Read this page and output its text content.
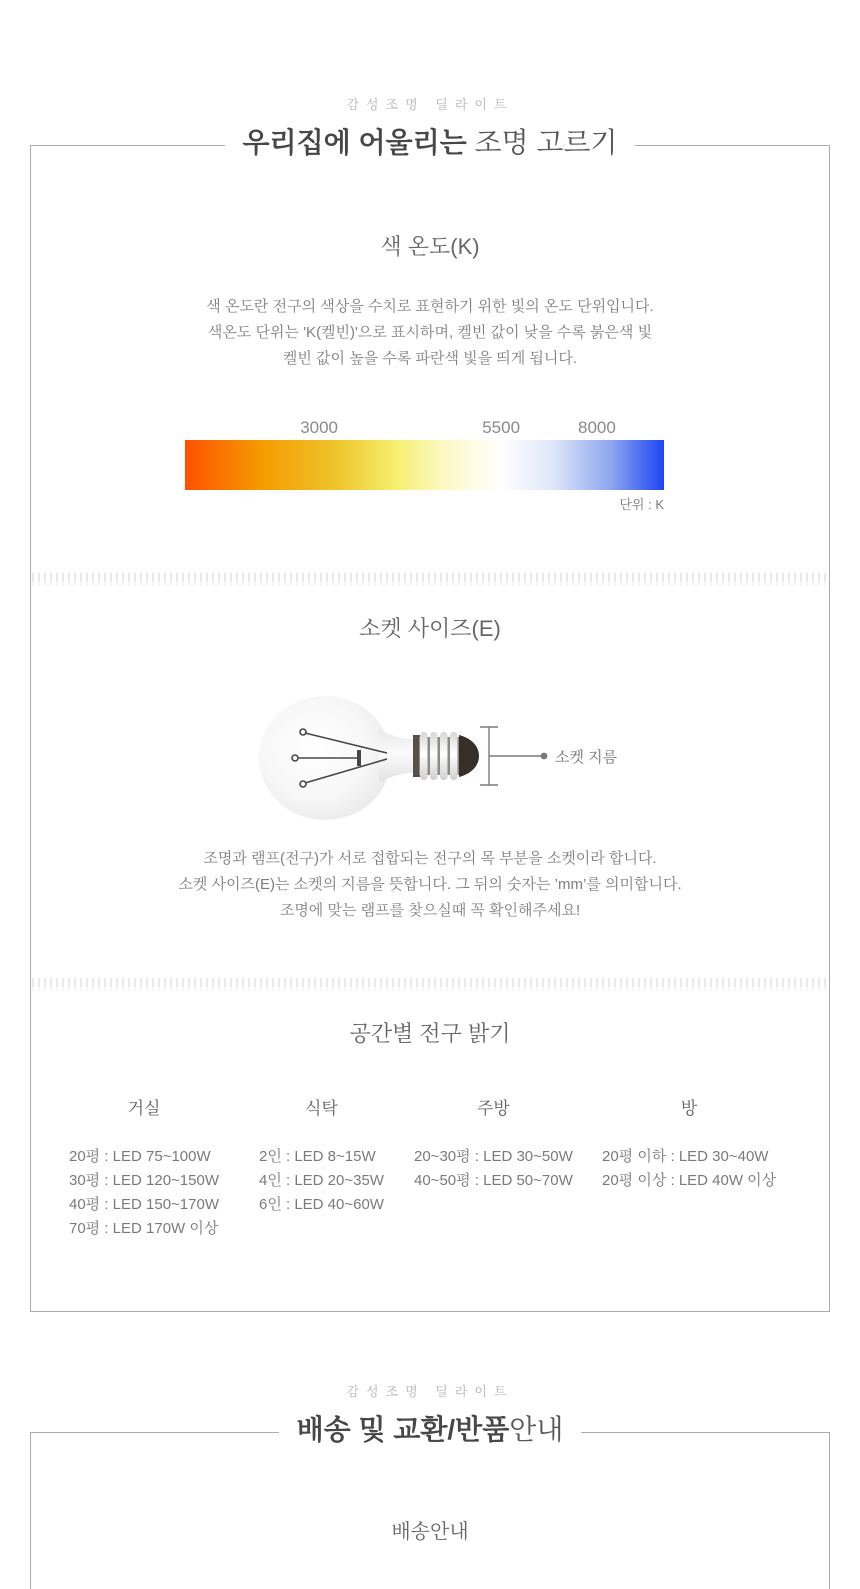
감성조명 딜라이트
우리집에 어울리는 조명 고르기
색 온도(K)

색 온도란 전구의 색상을 수치로 표현하기 위한 빛의 온도 단위입니다.
색온도 단위는 'K(켈빈)'으로 표시하며, 켈빈 값이 낮을 수록 붉은색 빛
켈빈 값이 높을 수록 파란색 빛을 띄게 됩니다.

3000	5500	8000
단위 : K
소켓 사이즈(E)
소켓 지름

조명과 램프(전구)가 서로 접합되는 전구의 목 부분을 소켓이라 합니다.
소켓 사이즈(E)는 소켓의 지름을 뜻합니다. 그 뒤의 숫자는 ’mm’를 의미합니다.
조명에 맞는 램프를 찾으실때 꼭 확인해주세요!

공간별 전구 밝기
거실

20평 : LED 75~100W

30평 : LED 120~150W

40평 : LED 150~170W

70평 : LED 170W 이상

식탁

2인 : LED 8~15W

4인 : LED 20~35W

6인 : LED 40~60W

주방

20~30평 : LED 30~50W

40~50평 : LED 50~70W

방

20평 이하 : LED 30~40W

20평 이상 : LED 40W 이상

감성조명 딜라이트
배송 및 교환/반품안내
배송안내
